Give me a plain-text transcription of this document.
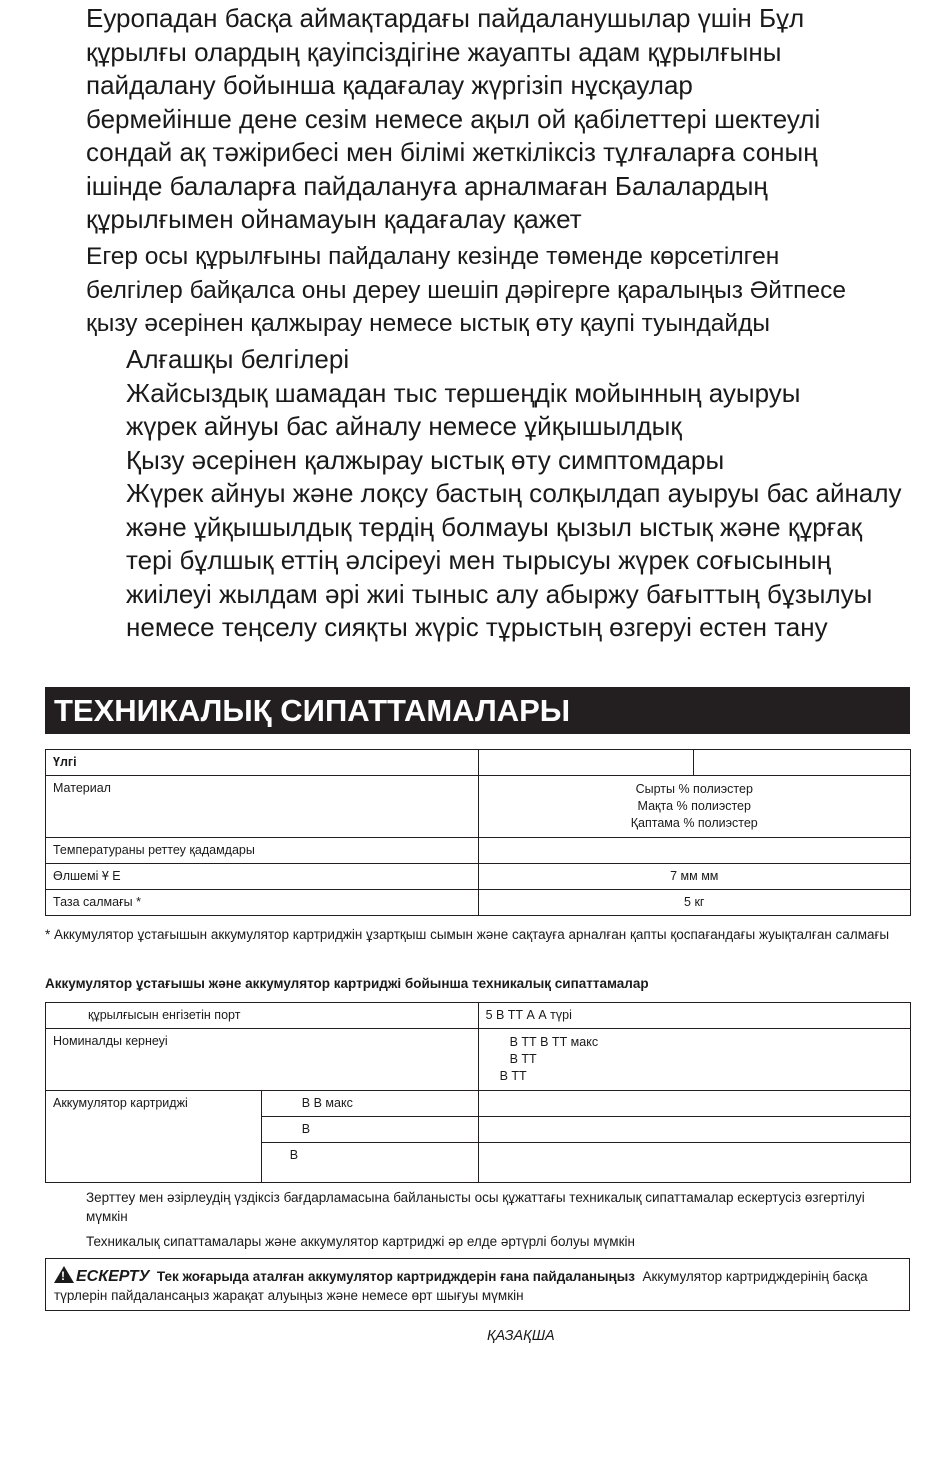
Еуропадан басқа аймақтардағы пайдаланушылар үшін Бұл
құрылғы олардың қауіпсіздігіне жауапты адам құрылғыны
пайдалану бойынша қадағалау жүргізіп нұсқаулар
бермейінше дене сезім немесе ақыл ой қабілеттері шектеулі
сондай ақ тәжірибесі мен білімі жеткіліксіз тұлғаларға соның
ішінде балаларға пайдалануға арналмаған Балалардың
құрылғымен ойнамауын қадағалау қажет
Егер осы құрылғыны пайдалану кезінде төменде көрсетілген
белгілер байқалса оны дереу шешіп дәрігерге қаралыңыз Әйтпесе
қызу әсерінен қалжырау немесе ыстық өту қаупі туындайды
Алғашқы белгілері
Жайсыздық шамадан тыс тершеңдік мойынның ауыруы
жүрек айнуы бас айналу немесе ұйқышылдық
Қызу әсерінен қалжырау ыстық өту симптомдары
Жүрек айнуы және лоқсу бастың солқылдап ауыруы бас айналу
және ұйқышылдық тердің болмауы қызыл ыстық және құрғақ
тері бұлшық еттің әлсіреуі мен тырысуы жүрек соғысының
жиілеуі жылдам әрі жиі тыныс алу абыржу бағыттың бұзылуы
немесе теңселу сияқты жүріс тұрыстың өзгеруі естен тану
ТЕХНИКАЛЫҚ СИПАТТАМАЛАРЫ
Үлгі		
Материал	Сырты % полиэстер
Мақта % полиэстер
Қаптама % полиэстер	

Температураны реттеу қадамдары		
Өлшемі Ұ Е	7 мм мм	
Таза салмағы *	5 кг	

* Аккумулятор ұстағышын аккумулятор картриджін ұзартқыш сымын және сақтауға арналған қапты қоспағандағы жуықталған салмағы

Аккумулятор ұстағышы және аккумулятор картриджі бойынша техникалық сипаттамалар

құрылғысын енгізетін порт		5 В ТТ А А түрі
Номиналды кернеуі		В ТТ В ТТ макс
В ТТ
В ТТ

Аккумулятор картриджі	В В макс	
	В	
	В	

Зерттеу мен әзірлеудің үздіксіз бағдарламасына байланысты осы құжаттағы техникалық сипаттамалар ескертусіз өзгертілуі мүмкін

Техникалық сипаттамалары және аккумулятор картриджі әр елде әртүрлі болуы мүмкін

!ЕСКЕРТУ Тек жоғарыда аталған аккумулятор картридждерін ғана пайдаланыңыз Аккумулятор картридждерінің басқа түрлерін пайдалансаңыз жарақат алуыңыз және немесе өрт шығуы мүмкін
ҚАЗАҚША
